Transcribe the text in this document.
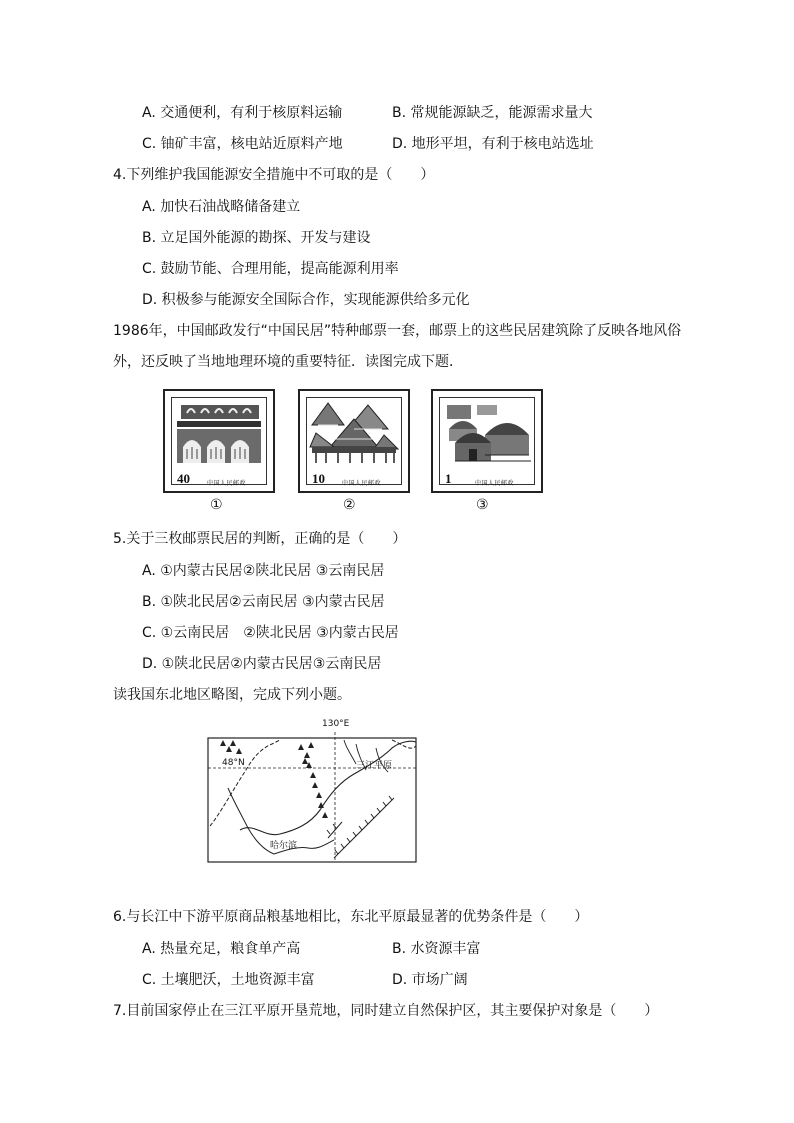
A. 交通便利，有利于核原料运输	B. 常规能源缺乏，能源需求量大
C. 铀矿丰富，核电站近原料产地	D. 地形平坦，有利于核电站选址
4.下列维护我国能源安全措施中不可取的是（　　）
A. 加快石油战略储备建立
B. 立足国外能源的勘探、开发与建设
C. 鼓励节能、合理用能，提高能源利用率
D. 积极参与能源安全国际合作，实现能源供给多元化
1986年，中国邮政发行“中国民居”特种邮票一套，邮票上的这些民居建筑除了反映各地风俗
外，还反映了当地地理环境的重要特征．读图完成下题．
40	中国人民邮政
①
10	中国人民邮政
②
1	中国人民邮政
③
5.关于三枚邮票民居的判断，正确的是（　　）
A. ①内蒙古民居②陕北民居 ③云南民居
B. ①陕北民居②云南民居 ③内蒙古民居
C. ①云南民居　②陕北民居 ③内蒙古民居
D. ①陕北民居②内蒙古民居③云南民居
读我国东北地区略图，完成下列小题。
130°E
48°N	三江平原
哈尔滨
6.与长江中下游平原商品粮基地相比，东北平原最显著的优势条件是（　　）
A. 热量充足，粮食单产高	B. 水资源丰富
C. 土壤肥沃，土地资源丰富	D. 市场广阔
7.目前国家停止在三江平原开垦荒地，同时建立自然保护区，其主要保护对象是（　　）
